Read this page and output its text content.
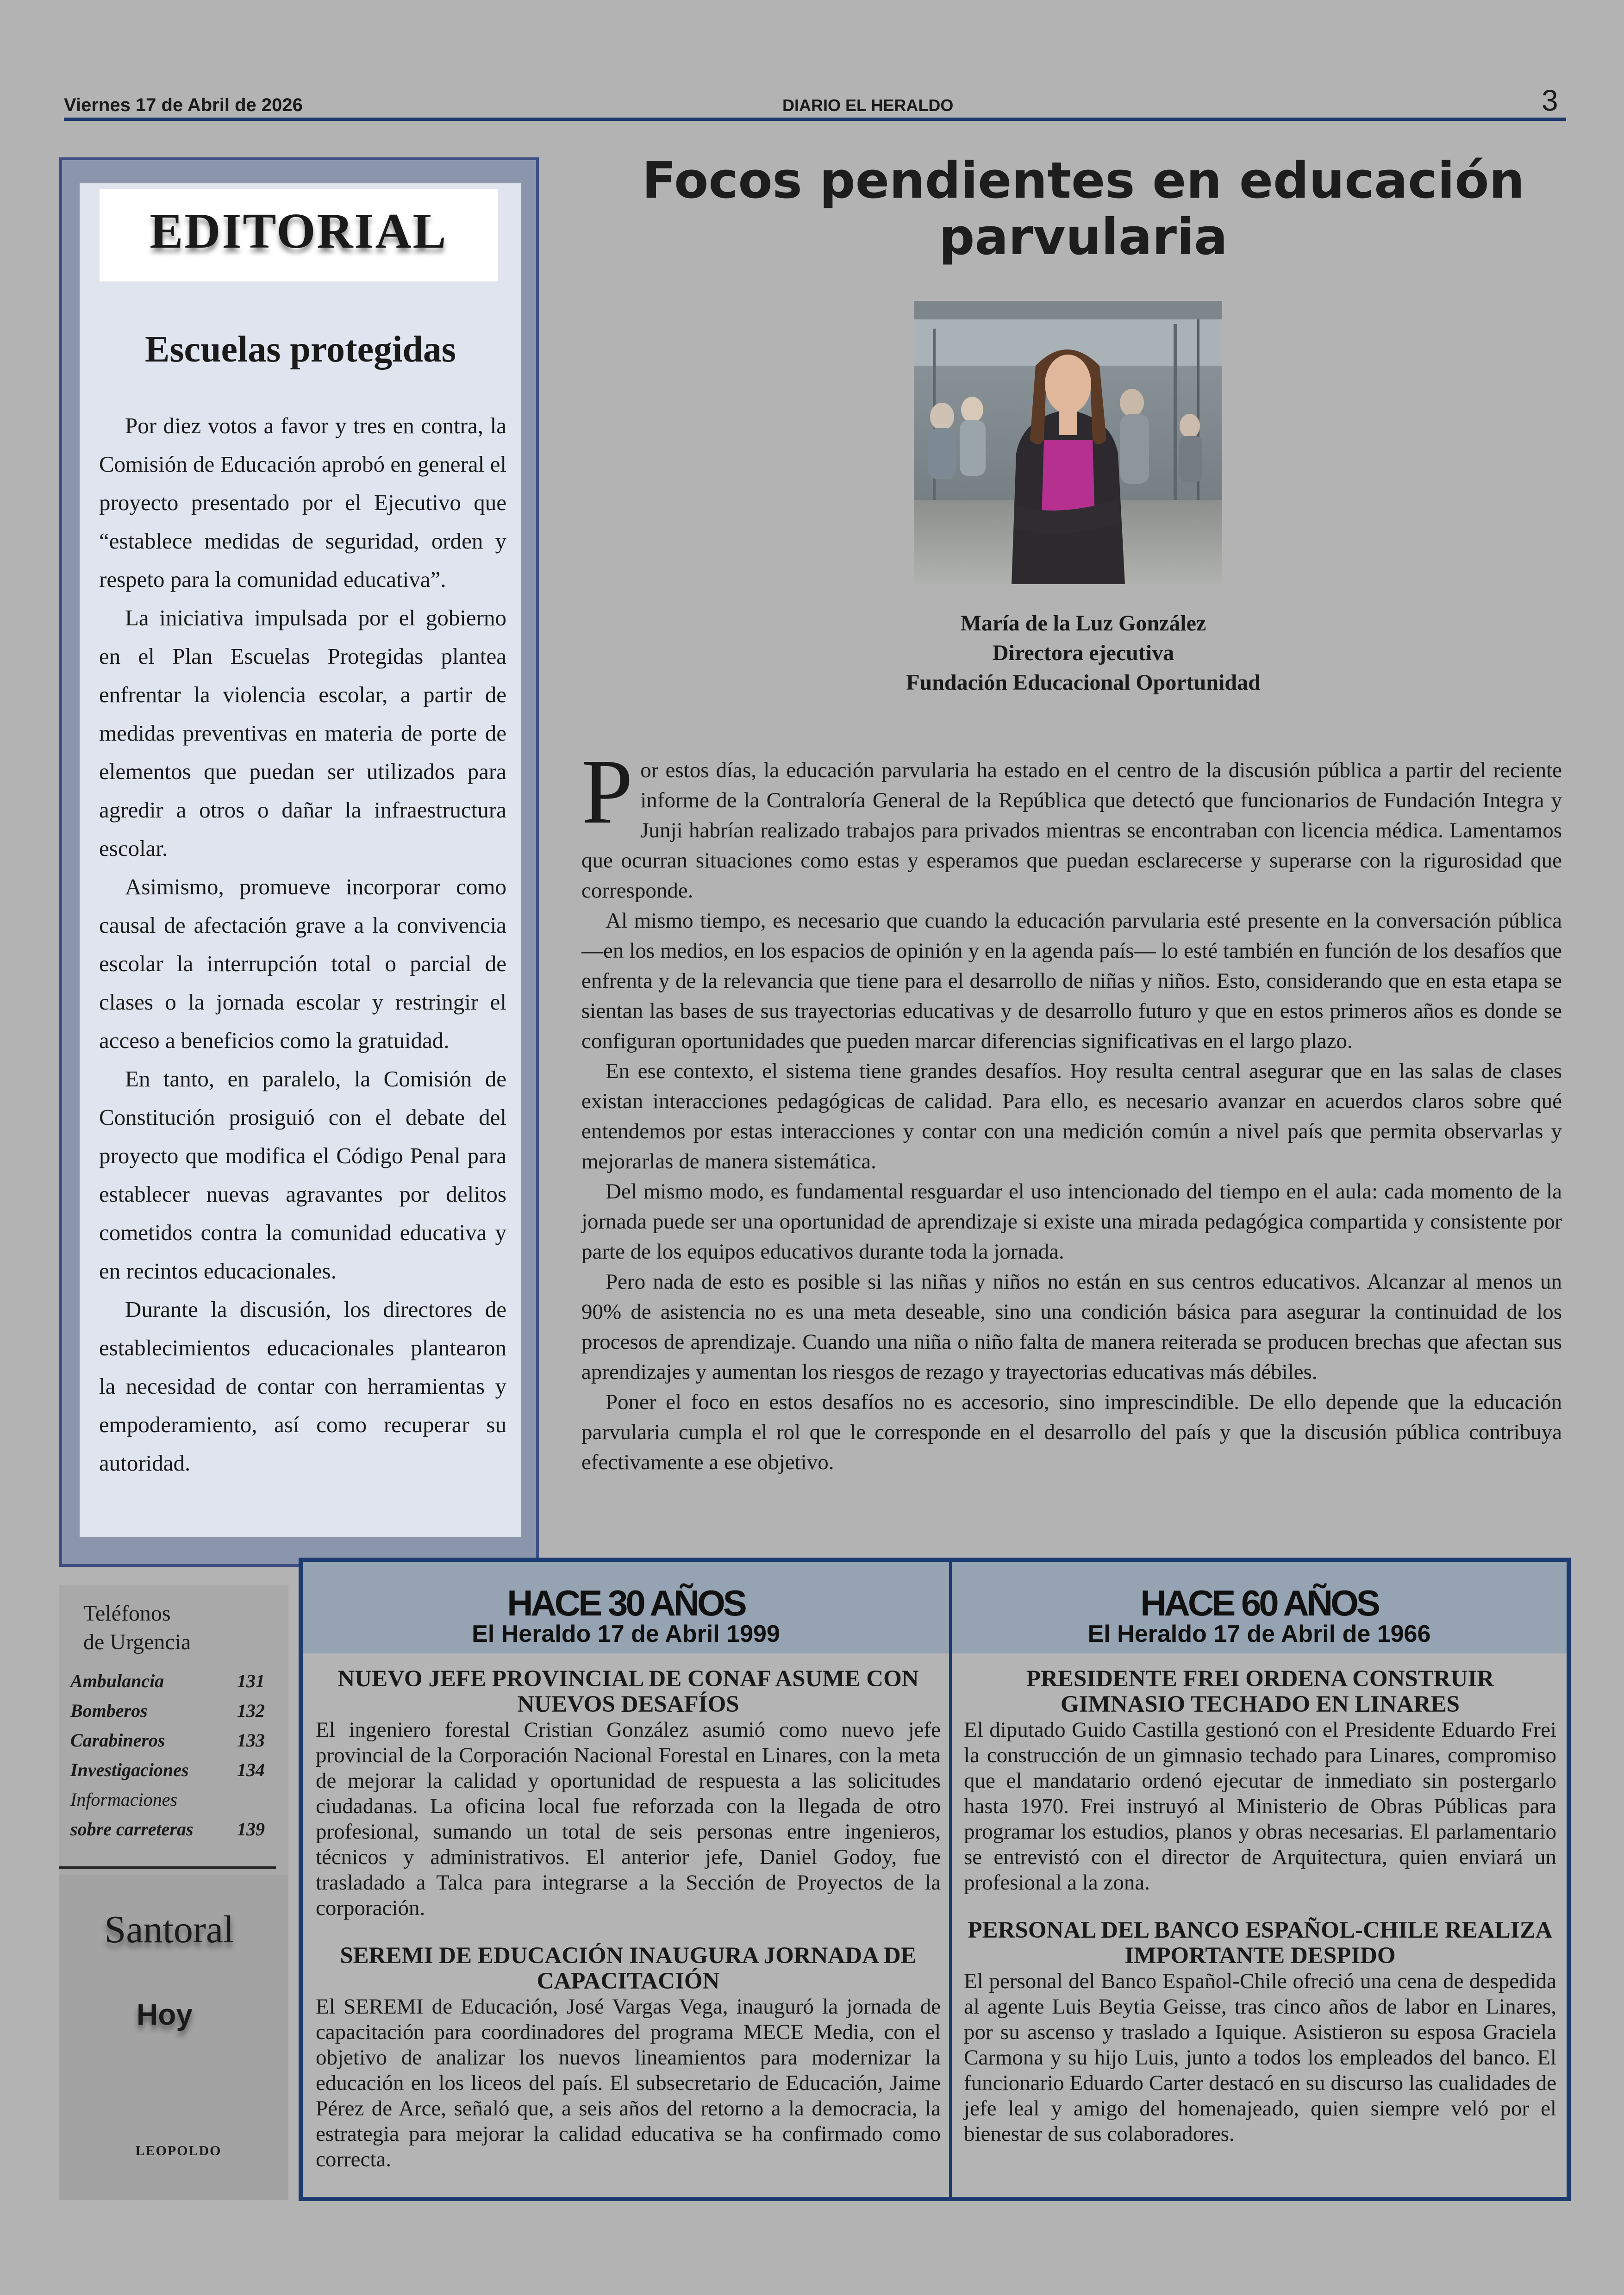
Viernes 17 de Abril de 2026	DIARIO EL HERALDO	3
EDITORIAL
Escuelas protegidas

Por diez votos a favor y tres en contra, la Comisión de Educación aprobó en general el proyecto presentado por el Ejecutivo que “establece medidas de seguridad, orden y respeto para la comunidad educativa”.

La iniciativa impulsada por el gobierno en el Plan Escuelas Protegidas plantea enfrentar la violencia escolar, a partir de medidas preventivas en materia de porte de elementos que puedan ser utilizados para agredir a otros o dañar la infraestructura escolar.

Asimismo, promueve incorporar como causal de afectación grave a la convivencia escolar la interrupción total o parcial de clases o la jornada escolar y restringir el acceso a beneficios como la gratuidad.

En tanto, en paralelo, la Comisión de Constitución prosiguió con el debate del proyecto que modifica el Código Penal para establecer nuevas agravantes por delitos cometidos contra la comunidad educativa y en recintos educacionales.

Durante la discusión, los directores de establecimientos educacionales plantearon la necesidad de contar con herramientas y empoderamiento, así como recuperar su autoridad.

Focos pendientes en educación
parvularia
María de la Luz González
Directora ejecutiva
Fundación Educacional Oportunidad

Por estos días, la educación parvularia ha estado en el centro de la discusión pública a partir del reciente informe de la Contraloría General de la República que detectó que funcionarios de Fundación Integra y Junji habrían realizado trabajos para privados mientras se encontraban con licencia médica. Lamentamos que ocurran situaciones como estas y esperamos que puedan esclarecerse y superarse con la rigurosidad que corresponde.

Al mismo tiempo, es necesario que cuando la educación parvularia esté presente en la conversación pública —en los medios, en los espacios de opinión y en la agenda país— lo esté también en función de los desafíos que enfrenta y de la relevancia que tiene para el desarrollo de niñas y niños. Esto, considerando que en esta etapa se sientan las bases de sus trayectorias educativas y de desarrollo futuro y que en estos primeros años es donde se configuran oportunidades que pueden marcar diferencias significativas en el largo plazo.

En ese contexto, el sistema tiene grandes desafíos. Hoy resulta central asegurar que en las salas de clases existan interacciones pedagógicas de calidad. Para ello, es necesario avanzar en acuerdos claros sobre qué entendemos por estas interacciones y contar con una medición común a nivel país que permita observarlas y mejorarlas de manera sistemática.

Del mismo modo, es fundamental resguardar el uso intencionado del tiempo en el aula: cada momento de la jornada puede ser una oportunidad de aprendizaje si existe una mirada pedagógica compartida y consistente por parte de los equipos educativos durante toda la jornada.

Pero nada de esto es posible si las niñas y niños no están en sus centros educativos. Alcanzar al menos un 90% de asistencia no es una meta deseable, sino una condición básica para asegurar la continuidad de los procesos de aprendizaje. Cuando una niña o niño falta de manera reiterada se producen brechas que afectan sus aprendizajes y aumentan los riesgos de rezago y trayectorias educativas más débiles.

Poner el foco en estos desafíos no es accesorio, sino imprescindible. De ello depende que la educación parvularia cumpla el rol que le corresponde en el desarrollo del país y que la discusión pública contribuya efectivamente a ese objetivo.

Teléfonos
de Urgencia
Ambulancia	131
Bomberos	132
Carabineros	133
Investigaciones	134
Informaciones
sobre carreteras 139
Santoral
Hoy
LEOPOLDO
HACE 30 AÑOS
El Heraldo 17 de Abril 1999
HACE 60 AÑOS
El Heraldo 17 de Abril de 1966
NUEVO JEFE PROVINCIAL DE CONAF ASUME CON NUEVOS DESAFÍOS

El ingeniero forestal Cristian González asumió como nuevo jefe provincial de la Corporación Nacional Forestal en Linares, con la meta de mejorar la calidad y oportunidad de respuesta a las solicitudes ciudadanas. La oficina local fue reforzada con la llegada de otro profesional, sumando un total de seis personas entre ingenieros, técnicos y administrativos. El anterior jefe, Daniel Godoy, fue trasladado a Talca para integrarse a la Sección de Proyectos de la corporación.

SEREMI DE EDUCACIÓN INAUGURA JORNADA DE CAPACITACIÓN

El SEREMI de Educación, José Vargas Vega, inauguró la jornada de capacitación para coordinadores del programa MECE Media, con el objetivo de analizar los nuevos lineamientos para modernizar la educación en los liceos del país. El subsecretario de Educación, Jaime Pérez de Arce, señaló que, a seis años del retorno a la democracia, la estrategia para mejorar la calidad educativa se ha confirmado como correcta.

PRESIDENTE FREI ORDENA CONSTRUIR GIMNASIO TECHADO EN LINARES

El diputado Guido Castilla gestionó con el Presidente Eduardo Frei la construcción de un gimnasio techado para Linares, compromiso que el mandatario ordenó ejecutar de inmediato sin postergarlo hasta 1970. Frei instruyó al Ministerio de Obras Públicas para programar los estudios, planos y obras necesarias. El parlamentario se entrevistó con el director de Arquitectura, quien enviará un profesional a la zona.

PERSONAL DEL BANCO ESPAÑOL-CHILE REALIZA IMPORTANTE DESPIDO

El personal del Banco Español-Chile ofreció una cena de despedida al agente Luis Beytia Geisse, tras cinco años de labor en Linares, por su ascenso y traslado a Iquique. Asistieron su esposa Graciela Carmona y su hijo Luis, junto a todos los empleados del banco. El funcionario Eduardo Carter destacó en su discurso las cualidades de jefe leal y amigo del homenajeado, quien siempre veló por el bienestar de sus colaboradores.
